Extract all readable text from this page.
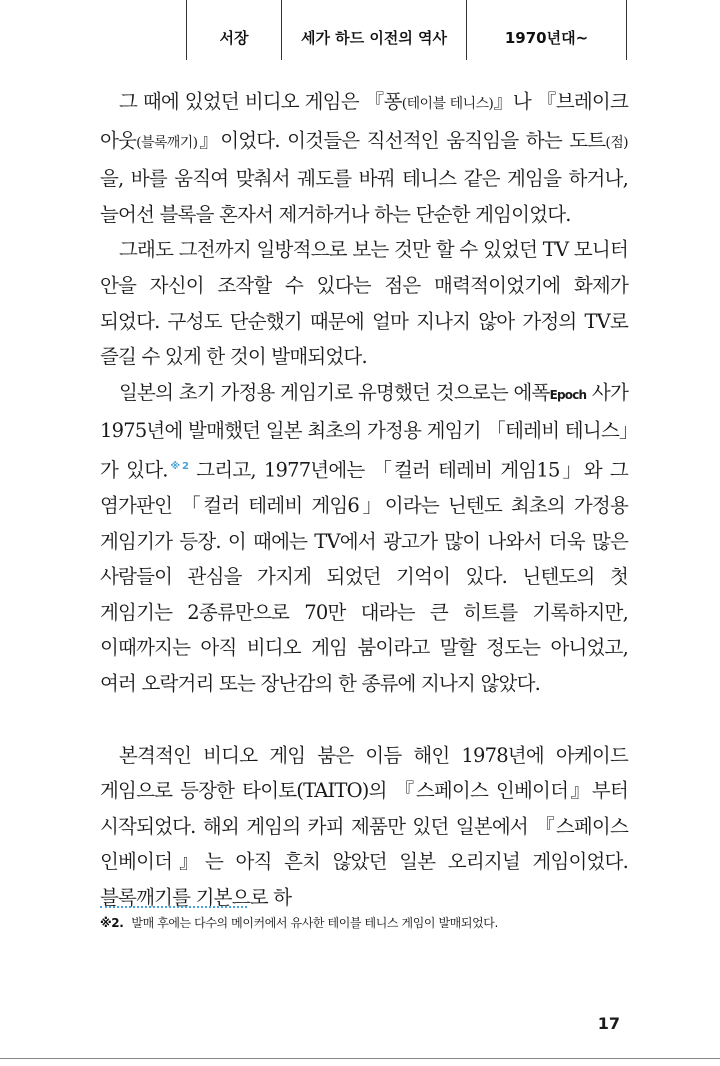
서장	세가 하드 이전의 역사	1970년대~

그 때에 있었던 비디오 게임은 『퐁(테이블 테니스)』나 『브레이크 아웃(블록깨기)』이었다. 이것들은 직선적인 움직임을 하는 도트(점)을, 바를 움직여 맞춰서 궤도를 바꿔 테니스 같은 게임을 하거나, 늘어선 블록을 혼자서 제거하거나 하는 단순한 게임이었다.

그래도 그전까지 일방적으로 보는 것만 할 수 있었던 TV 모니터 안을 자신이 조작할 수 있다는 점은 매력적이었기에 화제가 되었다. 구성도 단순했기 때문에 얼마 지나지 않아 가정의 TV로 즐길 수 있게 한 것이 발매되었다.

일본의 초기 가정용 게임기로 유명했던 것으로는 에폭Epoch 사가 1975년에 발매했던 일본 최초의 가정용 게임기 「테레비 테니스」가 있다.$^{※2}$ 그리고, 1977년에는 「컬러 테레비 게임15」와 그 염가판인 「컬러 테레비 게임6」이라는 닌텐도 최초의 가정용 게임기가 등장. 이 때에는 TV에서 광고가 많이 나와서 더욱 많은 사람들이 관심을 가지게 되었던 기억이 있다. 닌텐도의 첫 게임기는 2종류만으로 70만 대라는 큰 히트를 기록하지만, 이때까지는 아직 비디오 게임 붐이라고 말할 정도는 아니었고, 여러 오락거리 또는 장난감의 한 종류에 지나지 않았다.

본격적인 비디오 게임 붐은 이듬 해인 1978년에 아케이드 게임으로 등장한 타이토(TAITO)의 『스페이스 인베이더』부터 시작되었다. 해외 게임의 카피 제품만 있던 일본에서 『스페이스 인베이더』는 아직 흔치 않았던 일본 오리지널 게임이었다. 블록깨기를 기본으로 하

※2. 발매 후에는 다수의 메이커에서 유사한 테이블 테니스 게임이 발매되었다.
17
